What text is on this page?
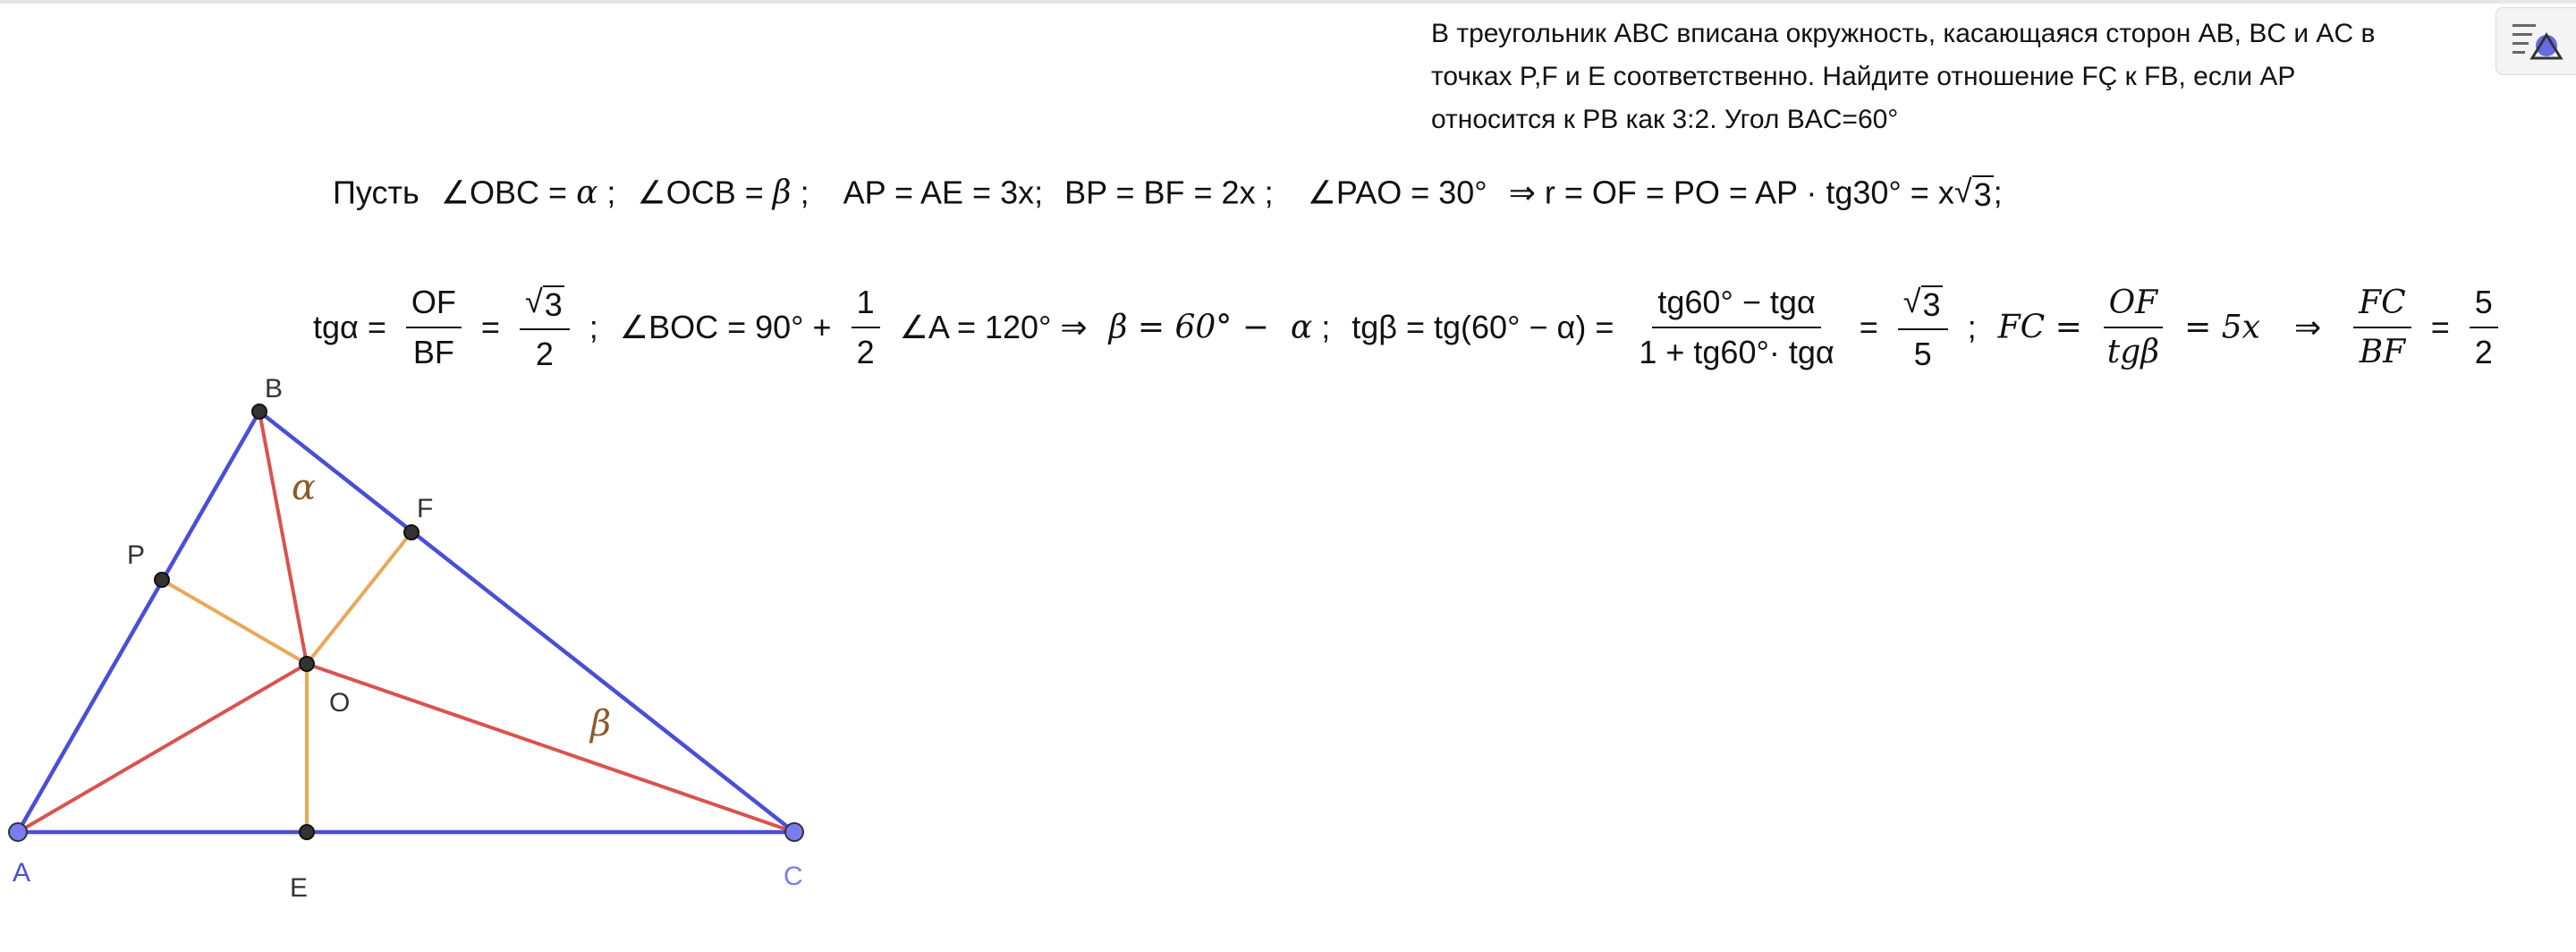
В треугольник ABC вписана окружность, касающаяся сторон AB, BC и AC в
точках P,F и E соответственно. Найдите отношение FÇ к FB, если AP
относится к PB как 3:2. Угол BAC=60°
Пусть ∠OBC = α ; ∠OCB = β ; AP = AE = 3x; BP = BF = 2x ; ∠PAO = 30° ⇒ r = OF = PO = AP · tg30° = x√3;
$tg\alpha = \frac{OF}{BF} = \frac{√3}{2}$ ; ∠BOC = $90^\circ + \frac{1}{2}$ ∠A = 120° ⇒ β = 60° − α ; $tg\beta = tg(60^\circ - \alpha) = \frac{\text{tg60° − tgα}}{\text{1 + tg60°· tgα}} = \frac{√3}{5}$ ; FC = $\frac{OF}{\text{tgβ}} = 5x$ ⇒ $\frac{FC}{BF} = \frac{5}{2}$
A	C
B
P
F
O
E
α
β
